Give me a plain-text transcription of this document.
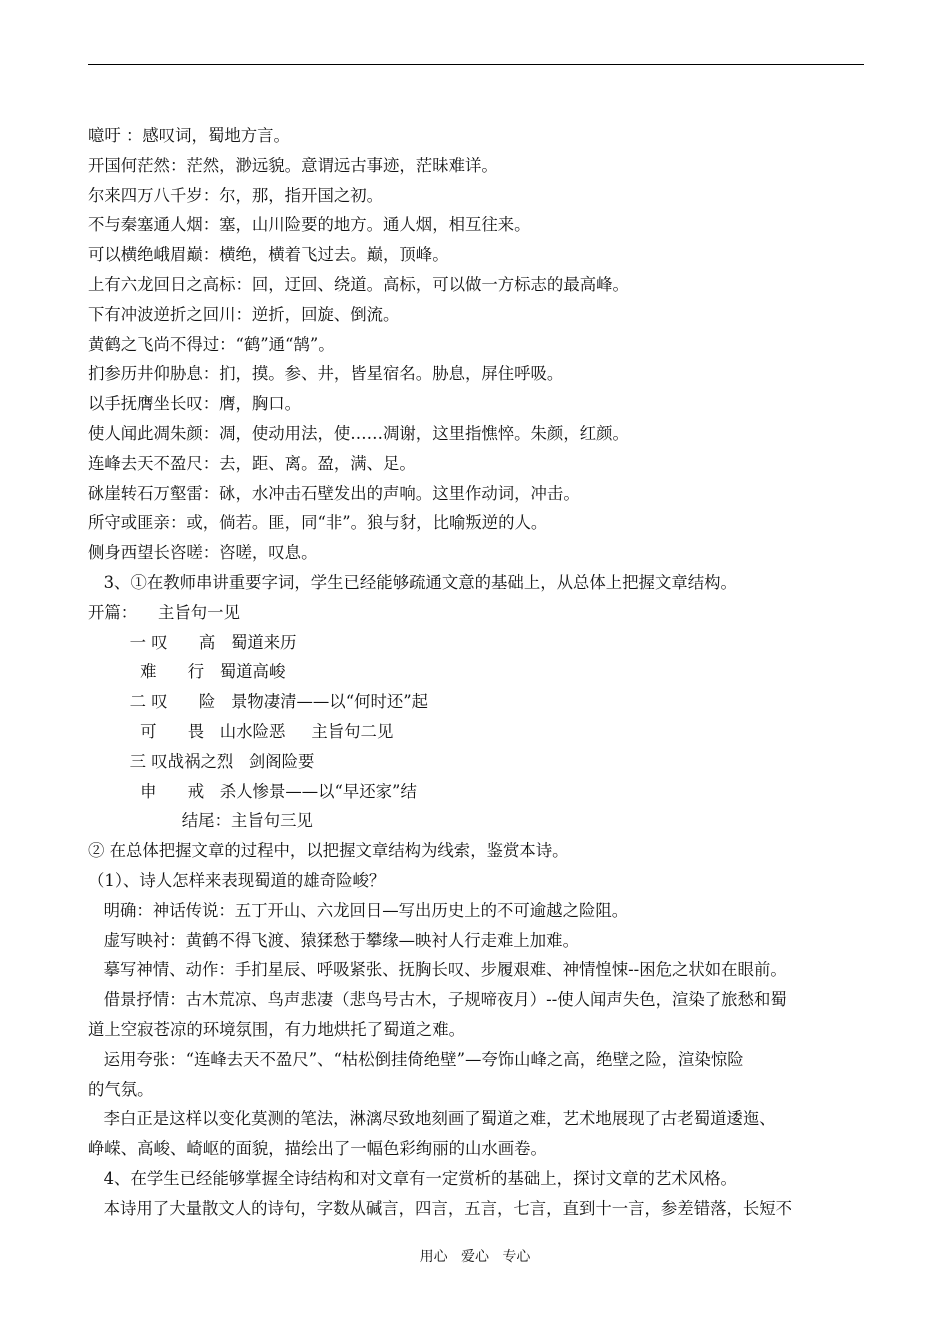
噫吁 ：感叹词，蜀地方言。
开国何茫然：茫然，渺远貌。意谓远古事迹，茫昧难详。
尔来四万八千岁：尔，那，指开国之初。
不与秦塞通人烟：塞，山川险要的地方。通人烟，相互往来。
可以横绝峨眉巅：横绝，横着飞过去。巅，顶峰。
上有六龙回日之高标：回，迂回、绕道。高标，可以做一方标志的最高峰。
下有冲波逆折之回川：逆折，回旋、倒流。
黄鹤之飞尚不得过：“鹤”通“鹄”。
扪参历井仰胁息：扪，摸。参、井，皆星宿名。胁息，屏住呼吸。
以手抚膺坐长叹：膺，胸口。
使人闻此凋朱颜：凋，使动用法，使……凋谢，这里指憔悴。朱颜，红颜。
连峰去天不盈尺：去，距、离。盈，满、足。
砯崖转石万壑雷：砯，水冲击石壁发出的声响。这里作动词，冲击。
所守或匪亲：或，倘若。匪，同“非”。狼与豺，比喻叛逆的人。
侧身西望长咨嗟：咨嗟，叹息。
3、①在教师串讲重要字词，学生已经能够疏通文意的基础上，从总体上把握文章结构。
开篇：    主旨句一见
一 叹      高   蜀道来历
难      行   蜀道高峻
二 叹      险   景物凄清——以“何时还”起
可      畏   山水险恶     主旨句二见
三 叹战祸之烈   剑阁险要
申      戒   杀人惨景——以“早还家”结
结尾：主旨句三见
② 在总体把握文章的过程中，以把握文章结构为线索，鉴赏本诗。
（1）、诗人怎样来表现蜀道的雄奇险峻？
明确：神话传说：五丁开山、六龙回日—写出历史上的不可逾越之险阻。
虚写映衬：黄鹤不得飞渡、猿猱愁于攀缘—映衬人行走难上加难。
摹写神情、动作：手扪星辰、呼吸紧张、抚胸长叹、步履艰难、神情惶悚--困危之状如在眼前。
借景抒情：古木荒凉、鸟声悲凄（悲鸟号古木，子规啼夜月）--使人闻声失色，渲染了旅愁和蜀
道上空寂苍凉的环境氛围，有力地烘托了蜀道之难。
运用夸张：“连峰去天不盈尺”、“枯松倒挂倚绝壁”—夸饰山峰之高，绝壁之险，渲染惊险
的气氛。
李白正是这样以变化莫测的笔法，淋漓尽致地刻画了蜀道之难，艺术地展现了古老蜀道逶迤、
峥嵘、高峻、崎岖的面貌，描绘出了一幅色彩绚丽的山水画卷。
4、在学生已经能够掌握全诗结构和对文章有一定赏析的基础上，探讨文章的艺术风格。
本诗用了大量散文人的诗句，字数从碱言，四言，五言，七言，直到十一言，参差错落，长短不
用心   爱心   专心
